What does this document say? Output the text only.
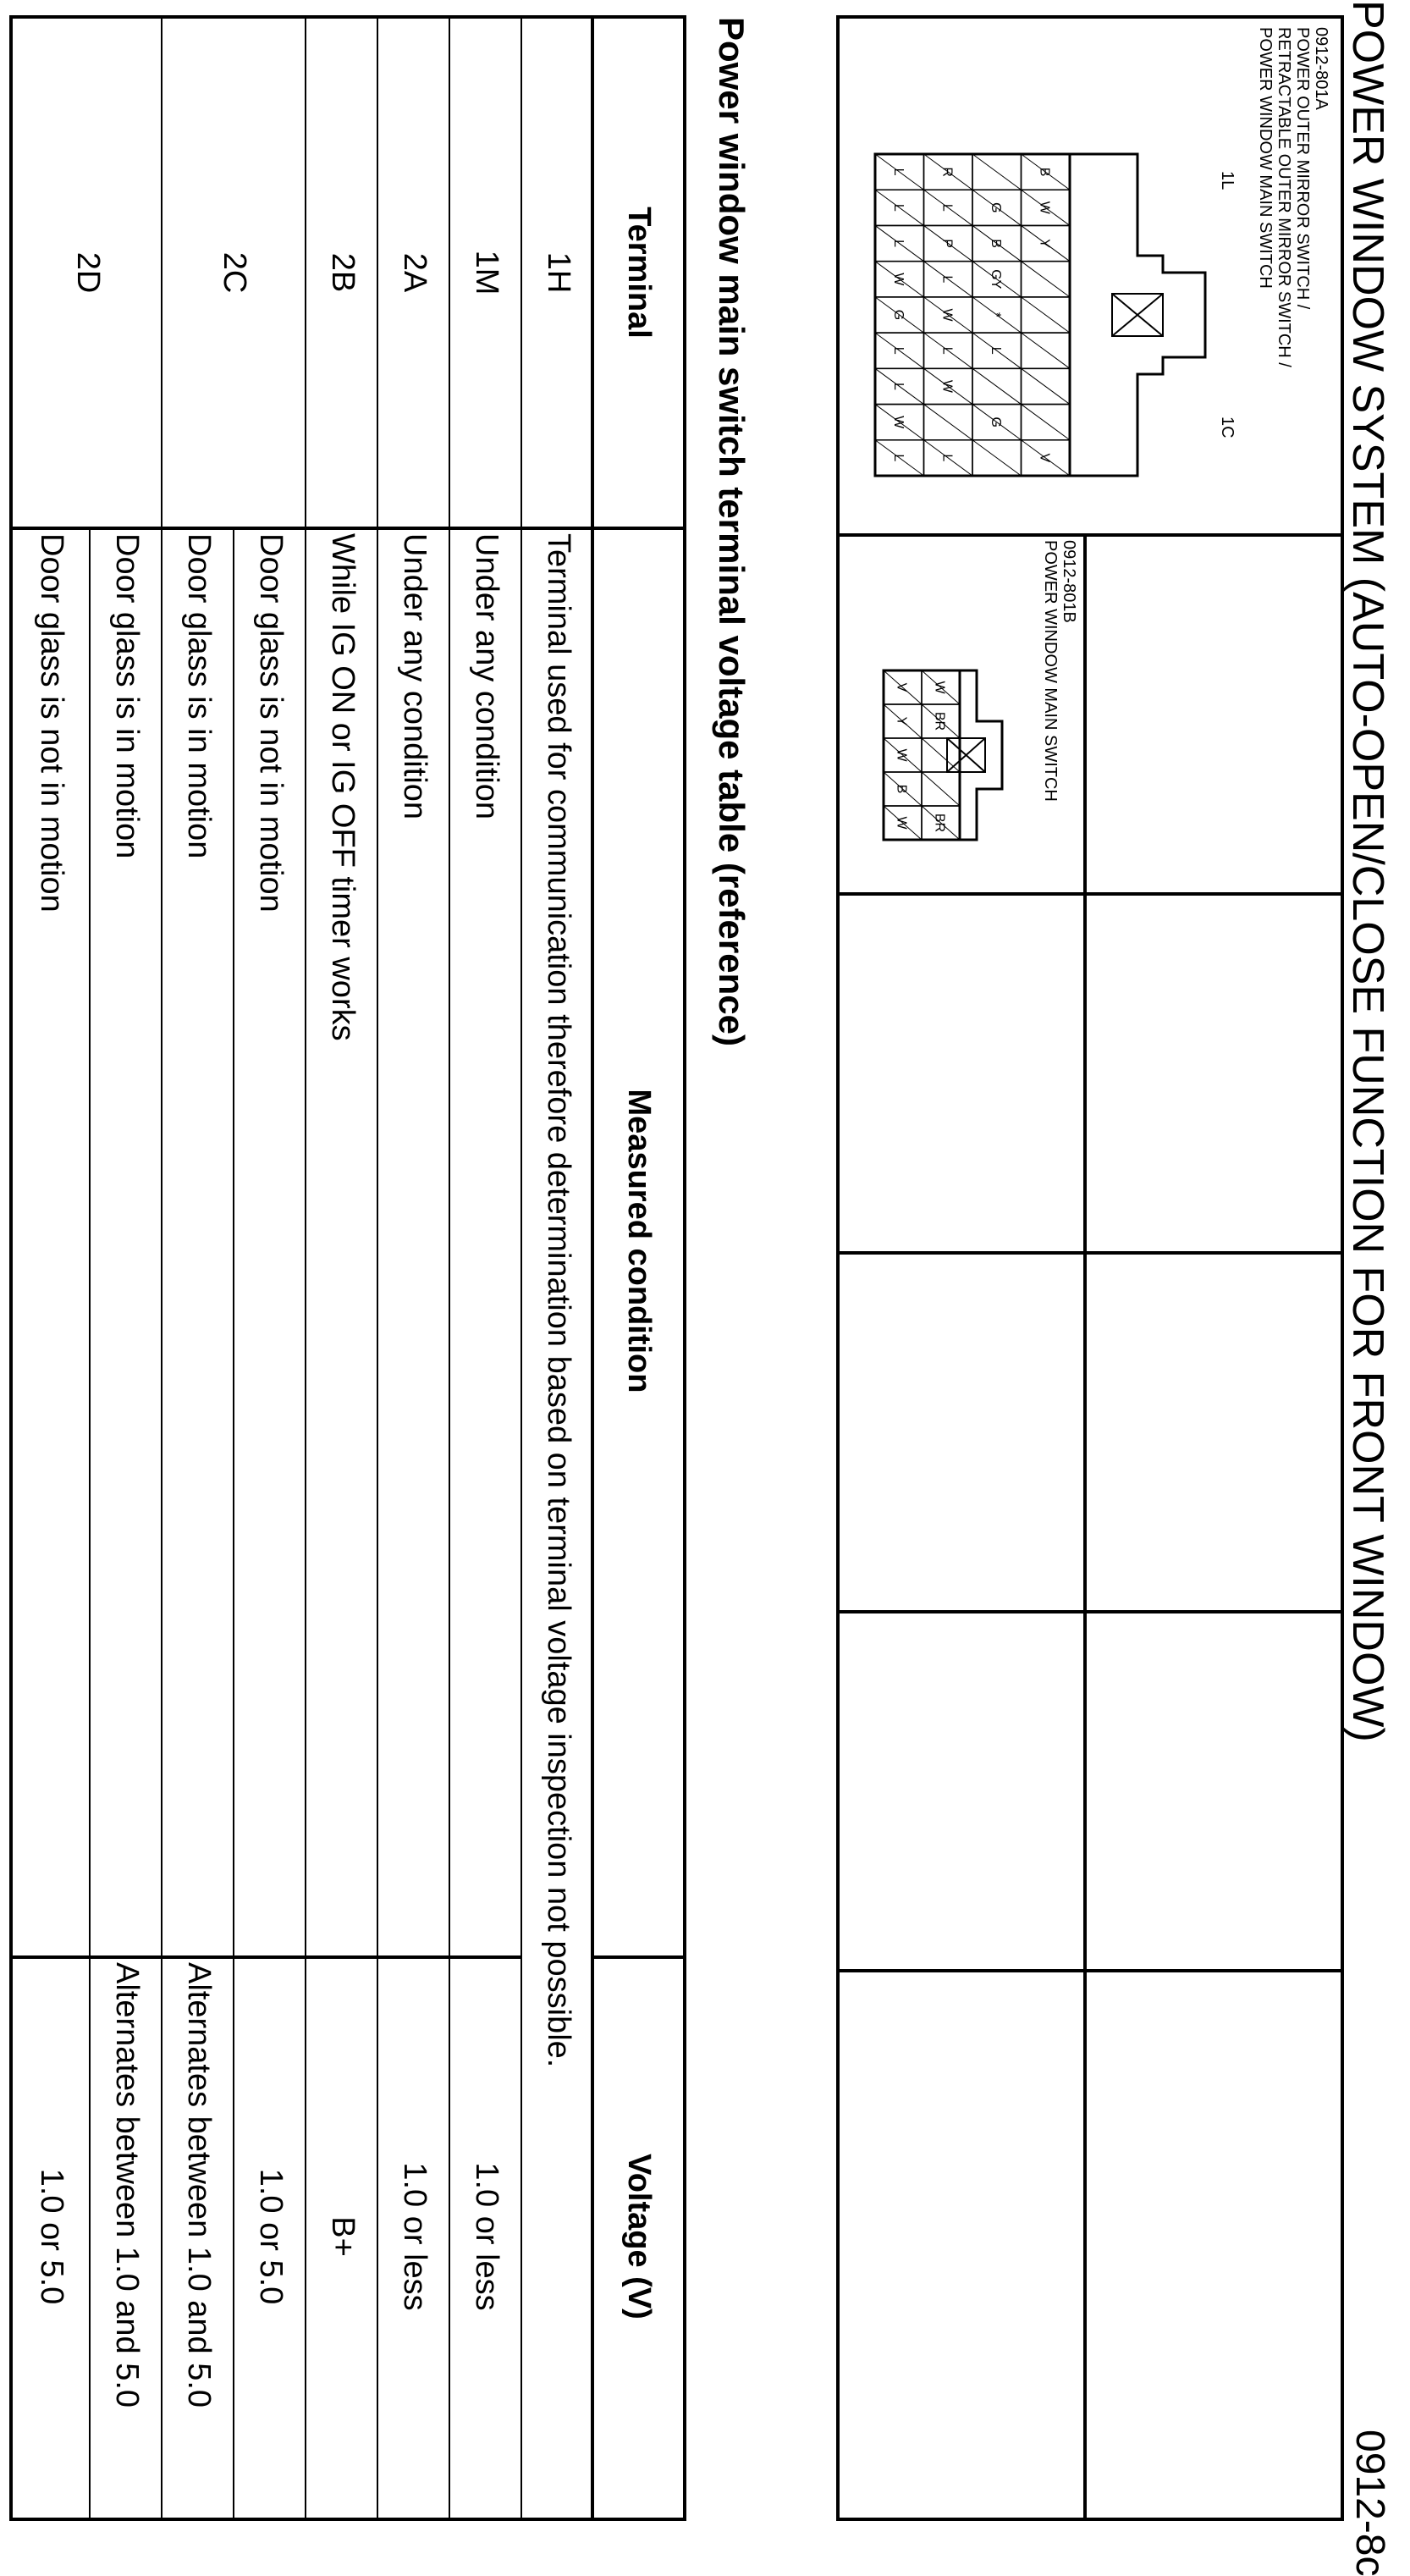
POWER WINDOW SYSTEM (AUTO-OPEN/CLOSE FUNCTION FOR FRONT WINDOW)
0912-8c
0912-801A
POWER OUTER MIRROR SWITCH /
RETRACTABLE OUTER MIRROR SWITCH /
POWER WINDOW MAIN SWITCH
B
W
Y
V
G
B
GY
*
L
G
R
L
P
L
W
L
W
L
L
L
L
W
G
L
L
W
L
1L
1C
0912-801B
POWER WINDOW MAIN SWITCH
W
BR
BR
V
Y
W
B
W
Power window main switch terminal voltage table (reference)
Terminal
Measured condition
Voltage (V)
1H
Terminal used for communication therefore determination based on terminal voltage inspection not possible.
1M
Under any condition
1.0 or less
2A
Under any condition
1.0 or less
2B
While IG ON or IG OFF timer works
B+
2C
Door glass is not in motion
1.0 or 5.0
Door glass is in motion
Alternates between 1.0 and 5.0
2D
Door glass is in motion
Alternates between 1.0 and 5.0
Door glass is not in motion
1.0 or 5.0
